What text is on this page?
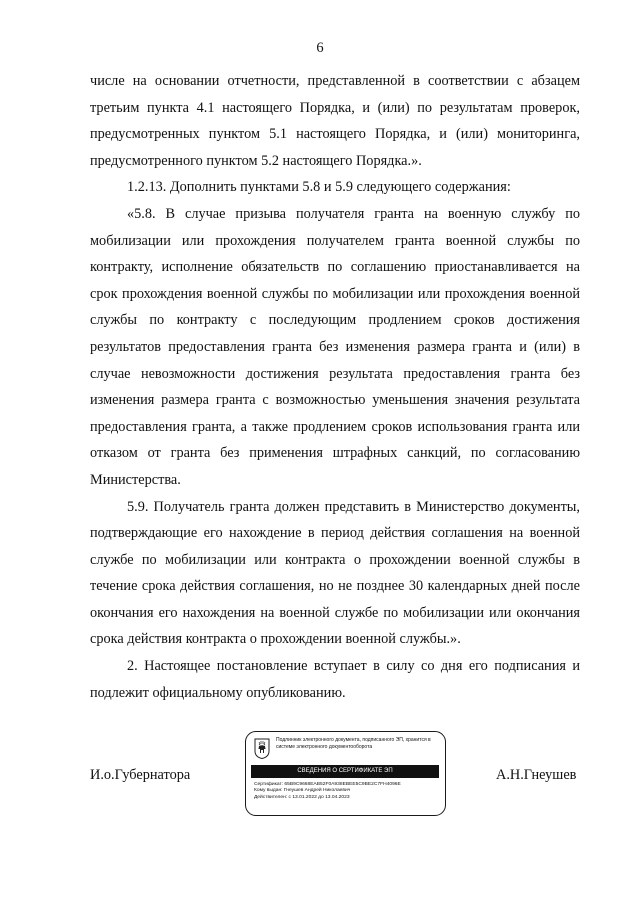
6

числе на основании отчетности, представленной в соответствии с абзацем третьим пункта 4.1 настоящего Порядка, и (или) по результатам проверок, предусмотренных пунктом 5.1 настоящего Порядка, и (или) мониторинга, предусмотренного пунктом 5.2 настоящего Порядка.».

1.2.13. Дополнить пунктами 5.8 и 5.9 следующего содержания:

«5.8. В случае призыва получателя гранта на военную службу по мобилизации или прохождения получателем гранта военной службы по контракту, исполнение обязательств по соглашению приостанавливается на срок прохождения военной службы по мобилизации или прохождения военной службы по контракту с последующим продлением сроков достижения результатов предоставления гранта без изменения размера гранта и (или) в случае невозможности достижения результата предоставления гранта без изменения размера гранта с возможностью уменьшения значения результата предоставления гранта, а также продлением сроков использования гранта или отказом от гранта без применения штрафных санкций, по согласованию Министерства.

5.9. Получатель гранта должен представить в Министерство документы, подтверждающие его нахождение в период действия соглашения на военной службе по мобилизации или контракта о прохождении военной службы в течение срока действия соглашения, но не позднее 30 календарных дней после окончания его нахождения на военной службе по мобилизации или окончания срока действия контракта о прохождении военной службы.».

2. Настоящее постановление вступает в силу со дня его подписания и подлежит официальному опубликованию.

И.о.Губернатора
Подлинник электронного документа, подписанного ЭП, хранится в системе электронного документооборота
СВЕДЕНИЯ О СЕРТИФИКАТЕ ЭП
Сертификат: 65B9C9668EAB52F0A938EBEE5C9BE2C7FH4096E
Кому выдан: Гнеушев Андрей Николаевич
Действителен: с 13.01.2022 до 13.04.2023
А.Н.Гнеушев
